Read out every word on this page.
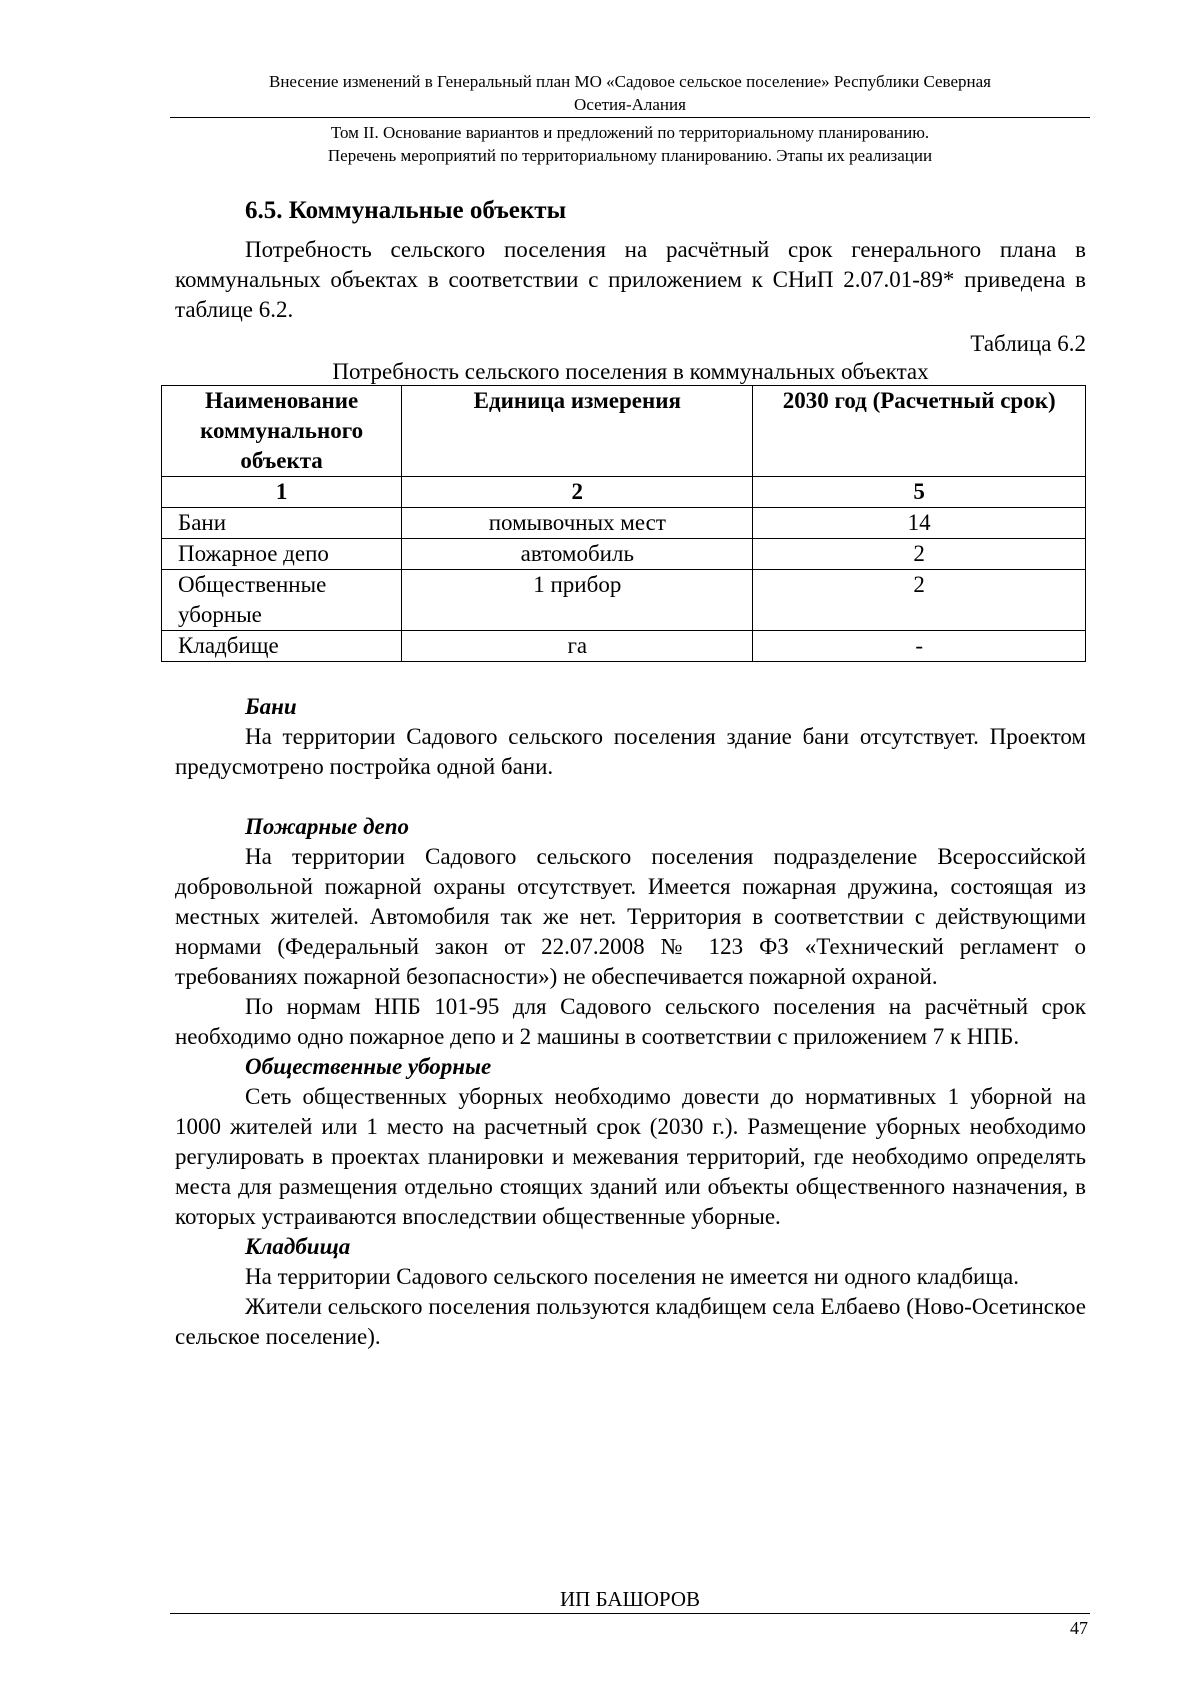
Внесение изменений в Генеральный план МО «Садовое сельское поселение» Республики Северная
Осетия-Алания
Том II. Основание вариантов и предложений по территориальному планированию.
Перечень мероприятий по территориальному планированию. Этапы их реализации
6.5. Коммунальные объекты

Потребность сельского поселения на расчётный срок генерального плана в коммунальных объектах в соответствии с приложением к СНиП 2.07.01-89* приведена в таблице 6.2.

Таблица 6.2
Потребность сельского поселения в коммунальных объектах
Наименование коммунального объекта	Единица измерения	2030 год (Расчетный срок)
1	2	5
Бани	помывочных мест	14
Пожарное депо	автомобиль	2
Общественные уборные	1 прибор	2
Кладбище	га	-
Бани

На территории Садового сельского поселения здание бани отсутствует. Проектом предусмотрено постройка одной бани.

Пожарные депо

На территории Садового сельского поселения подразделение Всероссийской добровольной пожарной охраны отсутствует. Имеется пожарная дружина, состоящая из местных жителей. Автомобиля так же нет. Территория в соответствии с действующими нормами (Федеральный закон от 22.07.2008 № 123 ФЗ «Технический регламент о требованиях пожарной безопасности») не обеспечивается пожарной охраной.

По нормам НПБ 101-95 для Садового сельского поселения на расчётный срок необходимо одно пожарное депо и 2 машины в соответствии с приложением 7 к НПБ.

Общественные уборные

Сеть общественных уборных необходимо довести до нормативных 1 уборной на 1000 жителей или 1 место на расчетный срок (2030 г.). Размещение уборных необходимо регулировать в проектах планировки и межевания территорий, где необходимо определять места для размещения отдельно стоящих зданий или объекты общественного назначения, в которых устраиваются впоследствии общественные уборные.

Кладбища

На территории Садового сельского поселения не имеется ни одного кладбища.

Жители сельского поселения пользуются кладбищем села Елбаево (Ново-Осетинское сельское поселение).

ИП БАШОРОВ
47
